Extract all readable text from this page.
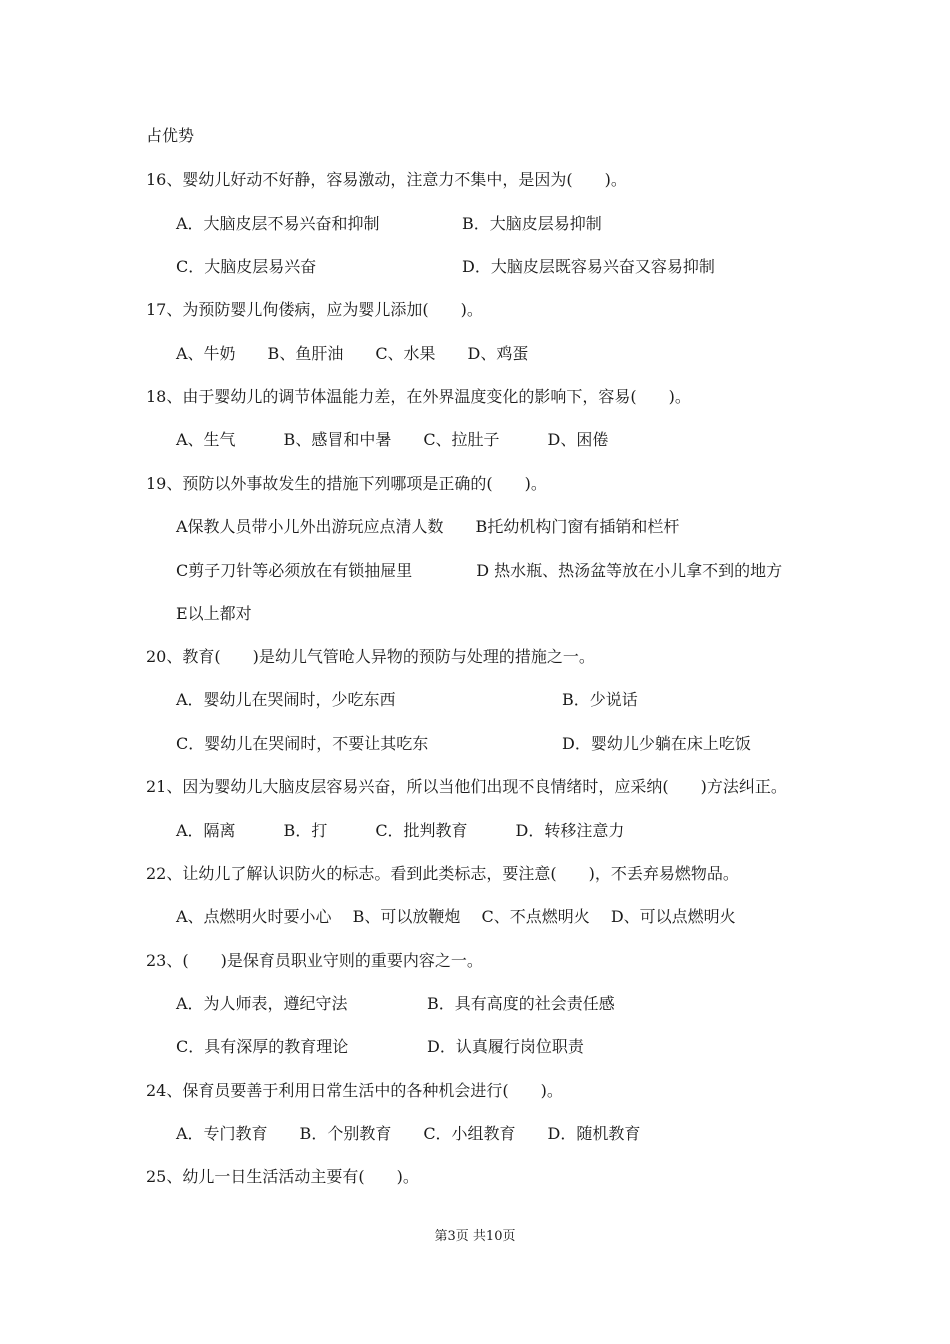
占优势

16、婴幼儿好动不好静，容易激动，注意力不集中，是因为(　　)。

A．大脑皮层不易兴奋和抑制	B．大脑皮层易抑制

C．大脑皮层易兴奋	D．大脑皮层既容易兴奋又容易抑制

17、为预防婴儿佝偻病，应为婴儿添加(　　)。

A、牛奶　　B、鱼肝油　　C、水果　　D、鸡蛋

18、由于婴幼儿的调节体温能力差，在外界温度变化的影响下，容易(　　)。

A、生气　　　B、感冒和中暑　　C、拉肚子　　　D、困倦

19、预防以外事故发生的措施下列哪项是正确的(　　)。

A保教人员带小儿外出游玩应点清人数　　B托幼机构门窗有插销和栏杆

C剪子刀针等必须放在有锁抽屉里　　　　D 热水瓶、热汤盆等放在小儿拿不到的地方

E以上都对

20、教育(　　)是幼儿气管呛人异物的预防与处理的措施之一。

A．婴幼儿在哭闹时，少吃东西	B．少说话

C．婴幼儿在哭闹时，不要让其吃东	D．婴幼儿少躺在床上吃饭

21、因为婴幼儿大脑皮层容易兴奋，所以当他们出现不良情绪时，应采纳(　　)方法纠正。

A．隔离　　　B．打　　　C．批判教育　　　D．转移注意力

22、让幼儿了解认识防火的标志。看到此类标志，要注意(　　)，不丢弃易燃物品。

A、点燃明火时要小心　 B、可以放鞭炮　 C、不点燃明火　 D、可以点燃明火

23、(　　)是保育员职业守则的重要内容之一。

A．为人师表，遵纪守法	B．具有高度的社会责任感

C．具有深厚的教育理论	D．认真履行岗位职责

24、保育员要善于利用日常生活中的各种机会进行(　　)。

A．专门教育　　B．个别教育　　C．小组教育　　D．随机教育

25、幼儿一日生活活动主要有(　　)。

第3页 共10页
